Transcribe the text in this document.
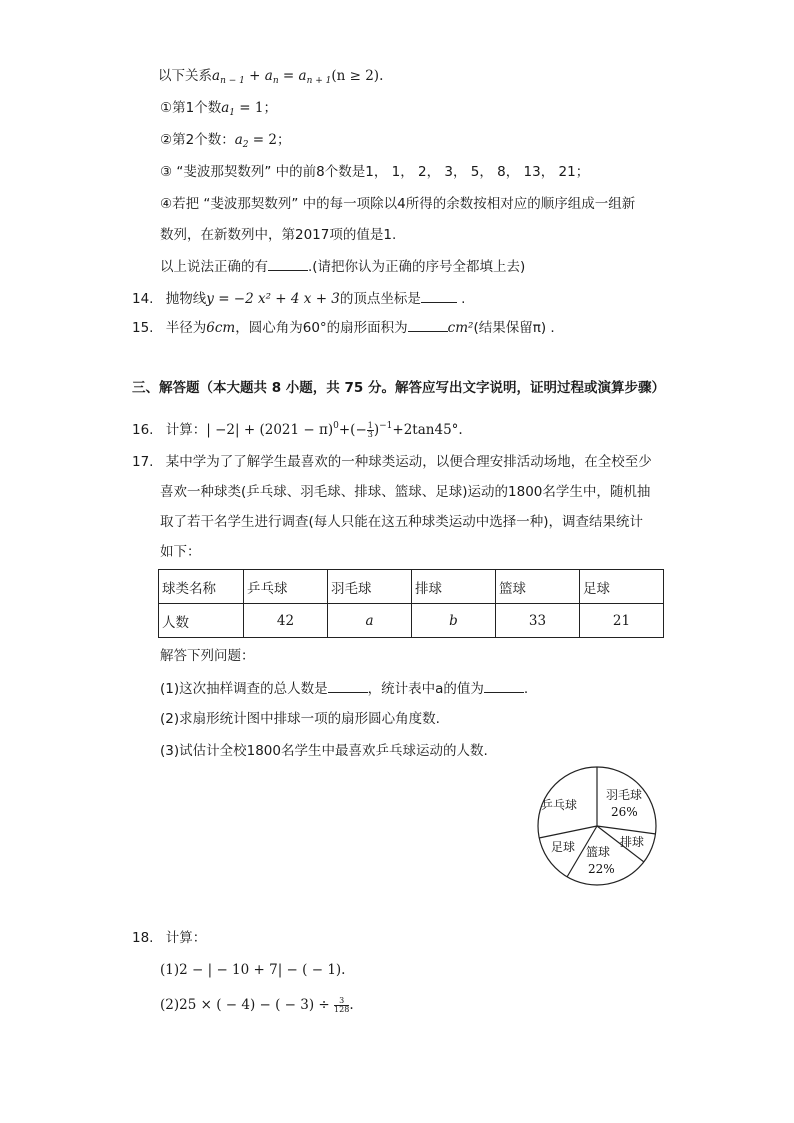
以下关系$a_{n - 1} + a_n = a_{n + 1}(n \ge 2)$.
①第1个数$a_1 = 1$；
②第2个数：$a_2 = 2$；
③ “斐波那契数列” 中的前8个数是1， 1， 2， 3， 5， 8， 13， 21；
④若把 “斐波那契数列” 中的每一项除以4所得的余数按相对应的顺序组成一组新
数列，在新数列中，第2017项的值是1.
以上说法正确的有	.(请把你认为正确的序号全都填上去)
14. 抛物线y = −2 x² + 4 x + 3的顶点坐标是	.
15. 半径为6cm，圆心角为60°的扇形面积为	cm²(结果保留π) .
三、解答题（本大题共 8 小题，共 75 分。解答应写出文字说明，证明过程或演算步骤）
16. 计算：| $-2| + (2021 - \pi)^0+(- \frac{1}{3} )^{-1}+2\tan 45^\circ$.
17. 某中学为了了解学生最喜欢的一种球类运动，以便合理安排活动场地，在全校至少
喜欢一种球类(乒乓球、羽毛球、排球、篮球、足球)运动的1800名学生中，随机抽
取了若干名学生进行调查(每人只能在这五种球类运动中选择一种)，调查结果统计
如下：
球类名称	乒乓球	羽毛球	排球	篮球	足球
人数	42	a	b	33	21
解答下列问题：
(1)这次抽样调查的总人数是	，统计表中a的值为	.
(2)求扇形统计图中排球一项的扇形圆心角度数.
(3)试估计全校1800名学生中最喜欢乒乓球运动的人数.
乒乓球
羽毛球
26%
排球
篮球
22%
足球
18. 计算：
(1)2 − | − 10 + 7| − ( − 1).
(2)25 × ( − 4) − ( − $3) \div \frac{3}{128}$ .
